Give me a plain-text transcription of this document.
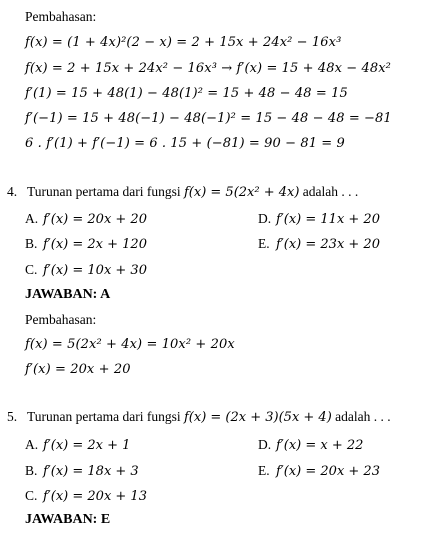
Pembahasan:
f(x) = (1 + 4x)²(2 − x) = 2 + 15x + 24x² − 16x³
f(x) = 2 + 15x + 24x² − 16x³ → f′(x) = 15 + 48x − 48x²
f′(1) = 15 + 48(1) − 48(1)² = 15 + 48 − 48 = 15
f′(−1) = 15 + 48(−1) − 48(−1)² = 15 − 48 − 48 = −81
6 . f′(1) + f′(−1) = 6 . 15 + (−81) = 90 − 81 = 9
4. Turunan pertama dari fungsi f(x) = 5(2x² + 4x) adalah . . .
A. f′(x) = 20x + 20
B. f′(x) = 2x + 120
C. f′(x) = 10x + 30
D. f′(x) = 11x + 20
E. f′(x) = 23x + 20
JAWABAN: A
Pembahasan:
f(x) = 5(2x² + 4x) = 10x² + 20x
f′(x) = 20x + 20
5. Turunan pertama dari fungsi f(x) = (2x + 3)(5x + 4) adalah . . .
A. f′(x) = 2x + 1
B. f′(x) = 18x + 3
C. f′(x) = 20x + 13
D. f′(x) = x + 22
E. f′(x) = 20x + 23
JAWABAN: E
